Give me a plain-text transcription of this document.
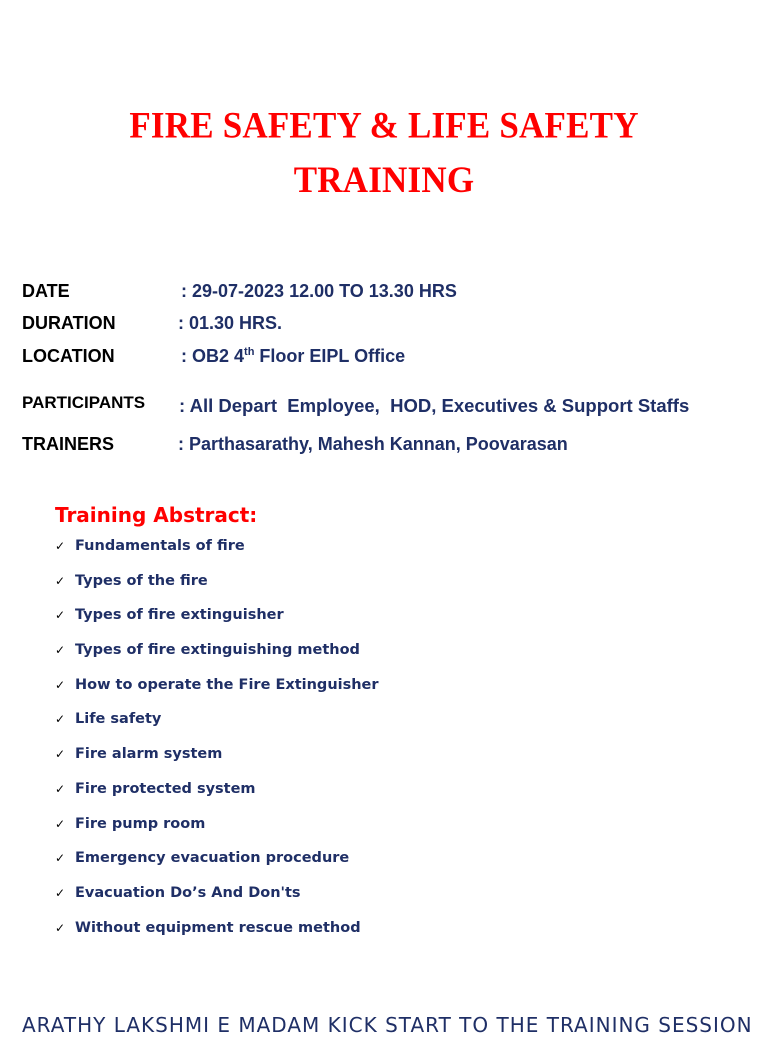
FIRE SAFETY & LIFE SAFETY
TRAINING
DATE	: 29-07-2023 12.00 TO 13.30 HRS
DURATION	: 01.30 HRS.
LOCATION	: OB2 4th Floor EIPL Office
PARTICIPANTS : All Depart  Employee,  HOD, Executives & Support Staffs
TRAINERS	: Parthasarathy, Mahesh Kannan, Poovarasan
Training Abstract:
✓ Fundamentals of fire
✓ Types of the fire
✓ Types of fire extinguisher
✓ Types of fire extinguishing method
✓ How to operate the Fire Extinguisher
✓ Life safety
✓ Fire alarm system
✓ Fire protected system
✓ Fire pump room
✓ Emergency evacuation procedure
✓ Evacuation Do’s And Don'ts
✓ Without equipment rescue method
ARATHY LAKSHMI E MADAM KICK START TO THE TRAINING SESSION
